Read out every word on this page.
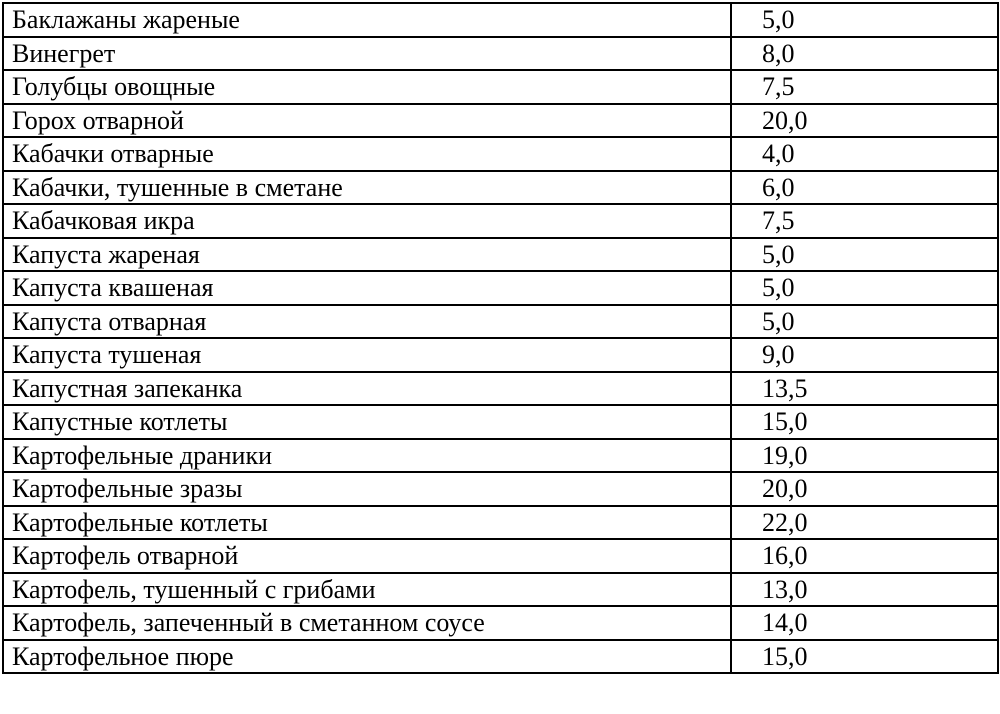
Баклажаны жареные	5,0
Винегрет	8,0
Голубцы овощные	7,5
Горох отварной	20,0
Кабачки отварные	4,0
Кабачки, тушенные в сметане	6,0
Кабачковая икра	7,5
Капуста жареная	5,0
Капуста квашеная	5,0
Капуста отварная	5,0
Капуста тушеная	9,0
Капустная запеканка	13,5
Капустные котлеты	15,0
Картофельные драники	19,0
Картофельные зразы	20,0
Картофельные котлеты	22,0
Картофель отварной	16,0
Картофель, тушенный с грибами	13,0
Картофель, запеченный в сметанном соусе	14,0
Картофельное пюре	15,0
